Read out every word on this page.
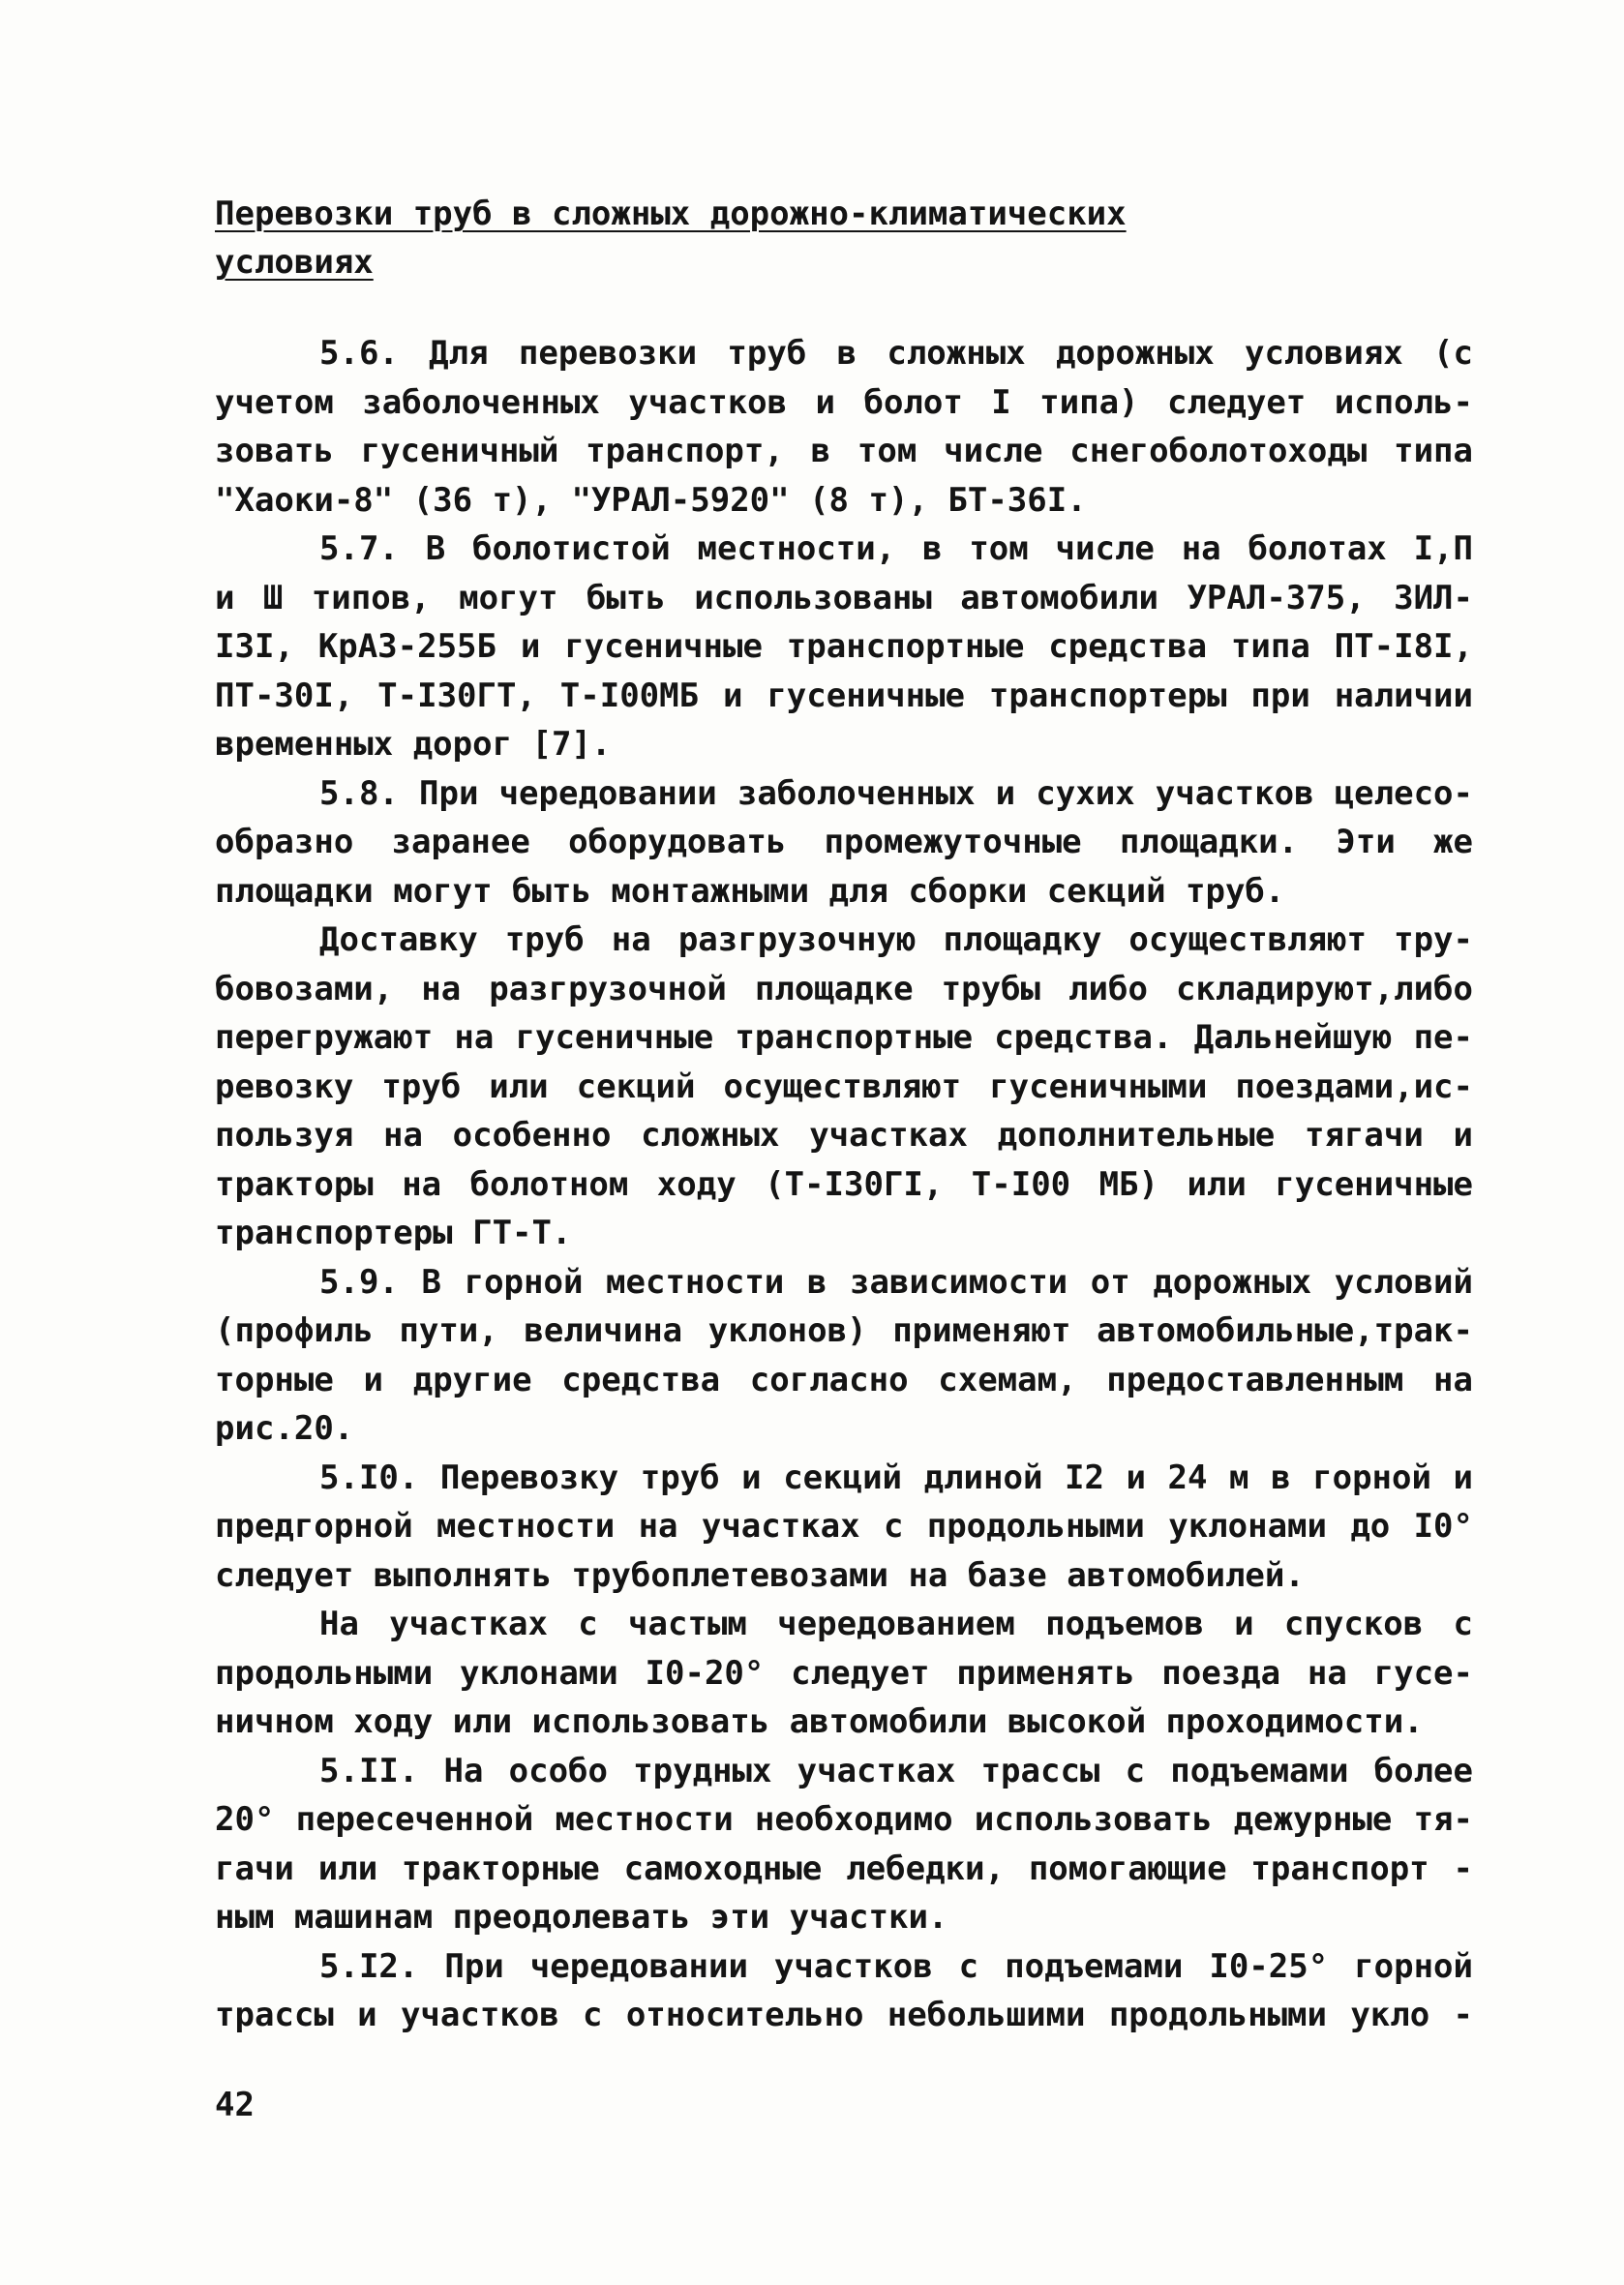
Перевозки труб в сложных дорожно-климатических
условиях
5.6. Для перевозки труб в сложных дорожных условиях (с
учетом заболоченных участков и болот I типа) следует исполь-
зовать гусеничный транспорт, в том числе снегоболотоходы типа
"Хаоки-8" (36 т), "УРАЛ-5920" (8 т), БТ-36I.
5.7. В болотистой местности, в том числе на болотах I,П
и Ш типов, могут быть использованы автомобили УРАЛ-375, ЗИЛ-
I3I, КрАЗ-255Б и гусеничные транспортные средства типа ПТ-I8I,
ПТ-30I, Т-I30ГТ, Т-I00МБ и гусеничные транспортеры при наличии
временных дорог [7].
5.8. При чередовании заболоченных и сухих участков целесо-
образно заранее оборудовать промежуточные площадки. Эти же
площадки могут быть монтажными для сборки секций труб.
Доставку труб на разгрузочную площадку осуществляют тру-
бовозами, на разгрузочной площадке трубы либо складируют,либо
перегружают на гусеничные транспортные средства. Дальнейшую пе-
ревозку труб или секций осуществляют гусеничными поездами,ис-
пользуя на особенно сложных участках дополнительные тягачи и
тракторы на болотном ходу (Т-I30ГI, Т-I00 МБ) или гусеничные
транспортеры ГТ-Т.
5.9. В горной местности в зависимости от дорожных условий
(профиль пути, величина уклонов) применяют автомобильные,трак-
торные и другие средства согласно схемам, предоставленным на
рис.20.
5.I0. Перевозку труб и секций длиной I2 и 24 м в горной и
предгорной местности на участках с продольными уклонами до I0°
следует выполнять трубоплетевозами на базе автомобилей.
На участках с частым чередованием подъемов и спусков с
продольными уклонами I0-20° следует применять поезда на гусе-
ничном ходу или использовать автомобили высокой проходимости.
5.II. На особо трудных участках трассы с подъемами более
20° пересеченной местности необходимо использовать дежурные тя-
гачи или тракторные самоходные лебедки, помогающие транспорт -
ным машинам преодолевать эти участки.
5.I2. При чередовании участков с подъемами I0-25° горной
трассы и участков с относительно небольшими продольными укло -
42
